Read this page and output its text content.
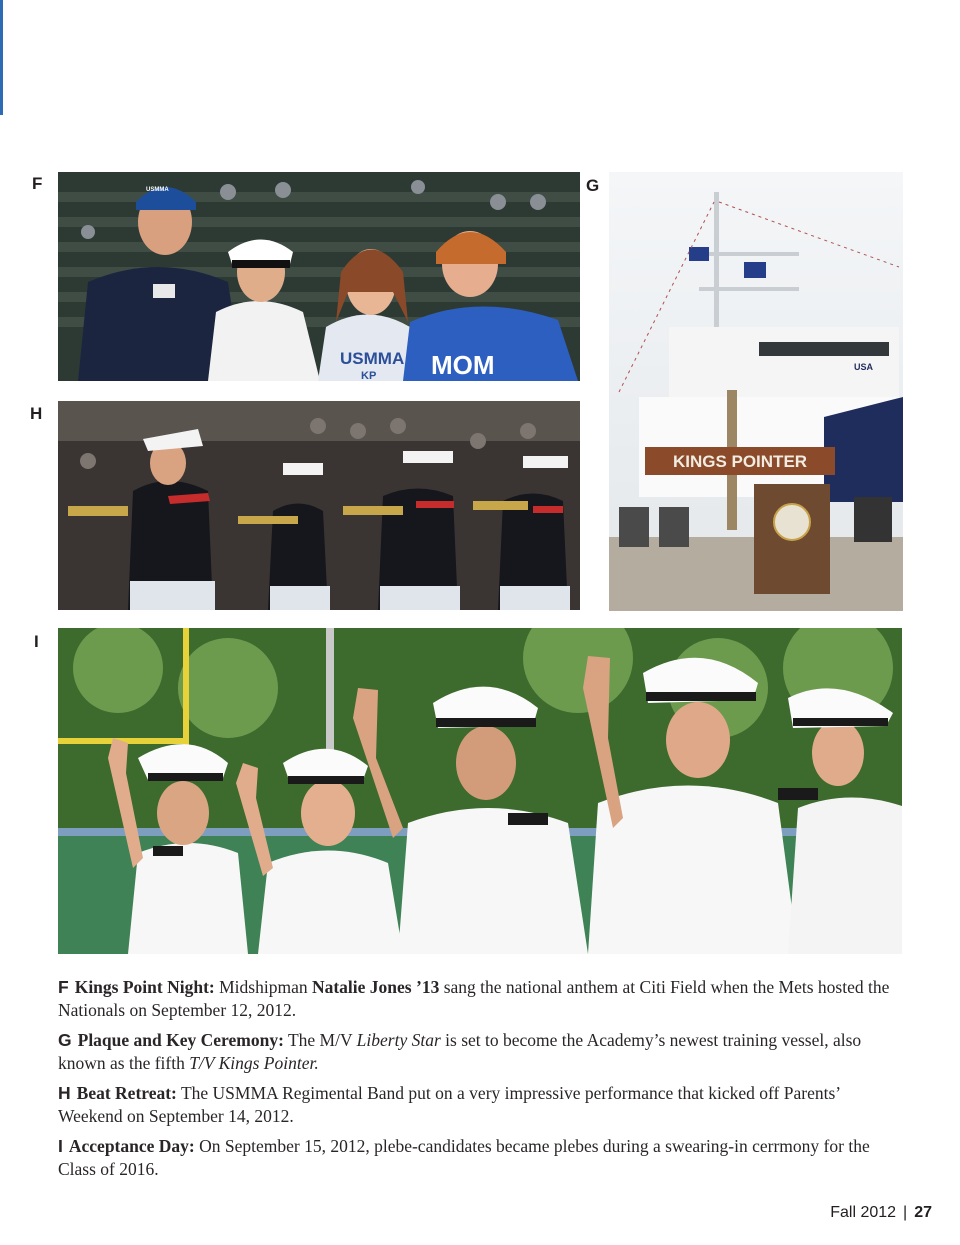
F	G
H
I
USMMA
KP MOM
USMMA
USA
KINGS POINTER

F Kings Point Night: Midshipman Natalie Jones ’13 sang the national anthem at Citi Field when the Mets hosted the Nationals on September 12, 2012.

G Plaque and Key Ceremony: The M/V Liberty Star is set to become the Academy’s newest training vessel, also known as the fifth T/V Kings Pointer.

H Beat Retreat: The USMMA Regimental Band put on a very impressive performance that kicked off Parents’ Weekend on September 14, 2012.

I Acceptance Day: On September 15, 2012, plebe-candidates became plebes during a swearing-in cerrmony for the Class of 2016.

Fall 2012 | 27
